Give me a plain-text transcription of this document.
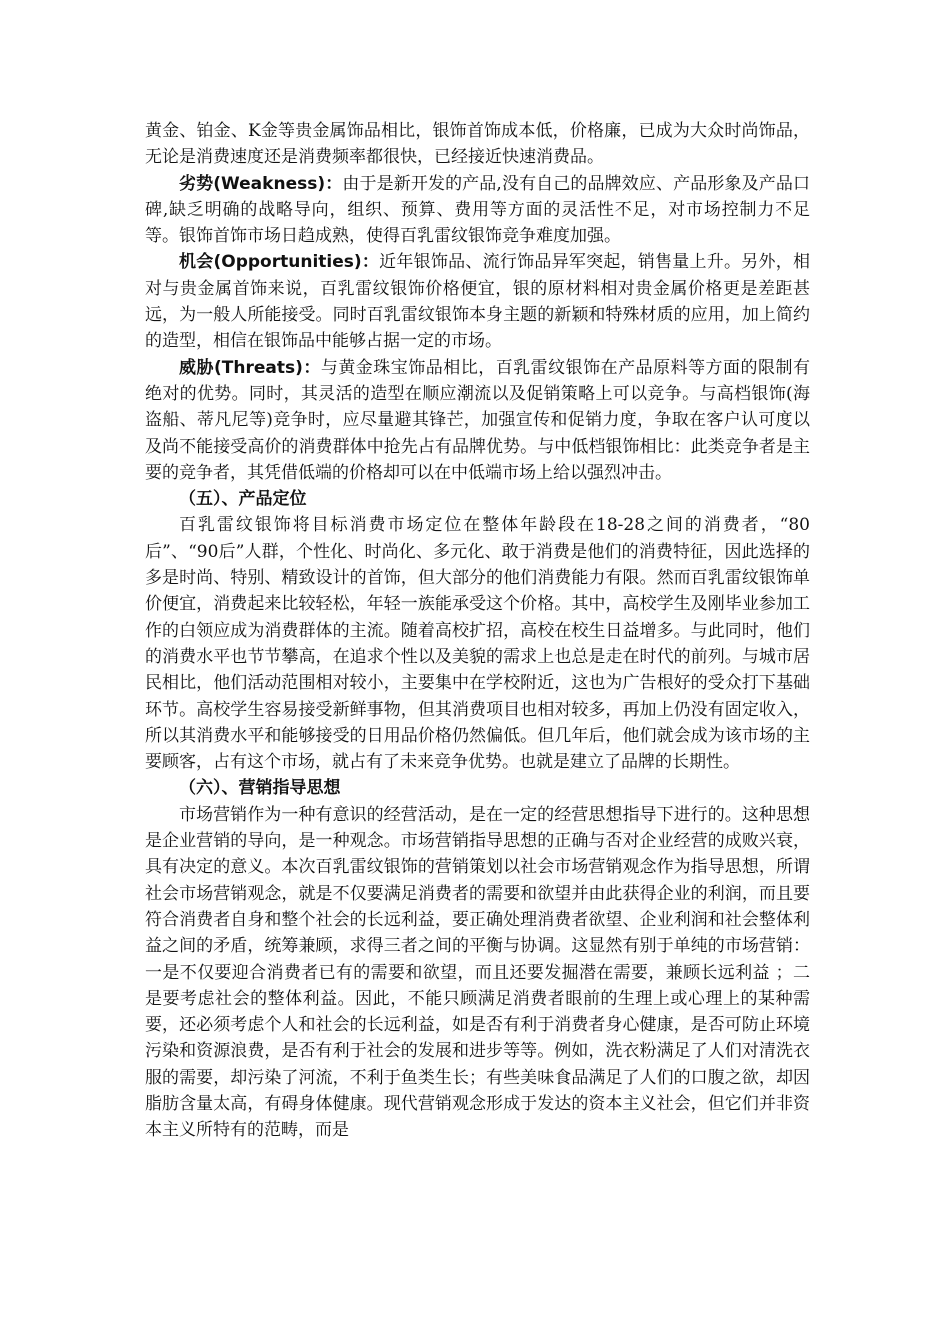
黄金、铂金、K金等贵金属饰品相比，银饰首饰成本低，价格廉，已成为大众时尚饰品，无论是消费速度还是消费频率都很快，已经接近快速消费品。

劣势(Weakness)：由于是新开发的产品,没有自己的品牌效应、产品形象及产品口碑,缺乏明确的战略导向，组织、预算、费用等方面的灵活性不足，对市场控制力不足等。银饰首饰市场日趋成熟，使得百乳雷纹银饰竞争难度加强。

机会(Opportunities)：近年银饰品、流行饰品异军突起，销售量上升。另外，相对与贵金属首饰来说，百乳雷纹银饰价格便宜，银的原材料相对贵金属价格更是差距甚远，为一般人所能接受。同时百乳雷纹银饰本身主题的新颖和特殊材质的应用，加上简约的造型，相信在银饰品中能够占据一定的市场。

威胁(Threats)：与黄金珠宝饰品相比，百乳雷纹银饰在产品原料等方面的限制有绝对的优势。同时，其灵活的造型在顺应潮流以及促销策略上可以竞争。与高档银饰(海盗船、蒂凡尼等)竞争时，应尽量避其锋芒，加强宣传和促销力度，争取在客户认可度以及尚不能接受高价的消费群体中抢先占有品牌优势。与中低档银饰相比：此类竞争者是主要的竞争者，其凭借低端的价格却可以在中低端市场上给以强烈冲击。

（五）、产品定位

百乳雷纹银饰将目标消费市场定位在整体年龄段在18-28之间的消费者，“80后”、“90后”人群，个性化、时尚化、多元化、敢于消费是他们的消费特征，因此选择的多是时尚、特别、精致设计的首饰，但大部分的他们消费能力有限。然而百乳雷纹银饰单价便宜，消费起来比较轻松，年轻一族能承受这个价格。其中，高校学生及刚毕业参加工作的白领应成为消费群体的主流。随着高校扩招，高校在校生日益增多。与此同时，他们的消费水平也节节攀高，在追求个性以及美貌的需求上也总是走在时代的前列。与城市居民相比，他们活动范围相对较小，主要集中在学校附近，这也为广告根好的受众打下基础环节。高校学生容易接受新鲜事物，但其消费项目也相对较多，再加上仍没有固定收入，所以其消费水平和能够接受的日用品价格仍然偏低。但几年后，他们就会成为该市场的主要顾客，占有这个市场，就占有了未来竞争优势。也就是建立了品牌的长期性。

（六）、营销指导思想

市场营销作为一种有意识的经营活动，是在一定的经营思想指导下进行的。这种思想是企业营销的导向，是一种观念。市场营销指导思想的正确与否对企业经营的成败兴衰，具有决定的意义。本次百乳雷纹银饰的营销策划以社会市场营销观念作为指导思想，所谓社会市场营销观念，就是不仅要满足消费者的需要和欲望并由此获得企业的利润，而且要符合消费者自身和整个社会的长远利益，要正确处理消费者欲望、企业利润和社会整体利益之间的矛盾，统筹兼顾，求得三者之间的平衡与协调。这显然有别于单纯的市场营销：一是不仅要迎合消费者已有的需要和欲望，而且还要发掘潜在需要，兼顾长远利益 ；二是要考虑社会的整体利益。因此，不能只顾满足消费者眼前的生理上或心理上的某种需要，还必须考虑个人和社会的长远利益，如是否有利于消费者身心健康，是否可防止环境污染和资源浪费，是否有利于社会的发展和进步等等。例如，洗衣粉满足了人们对清洗衣服的需要，却污染了河流，不利于鱼类生长；有些美味食品满足了人们的口腹之欲，却因脂肪含量太高，有碍身体健康。现代营销观念形成于发达的资本主义社会，但它们并非资本主义所特有的范畴，而是
